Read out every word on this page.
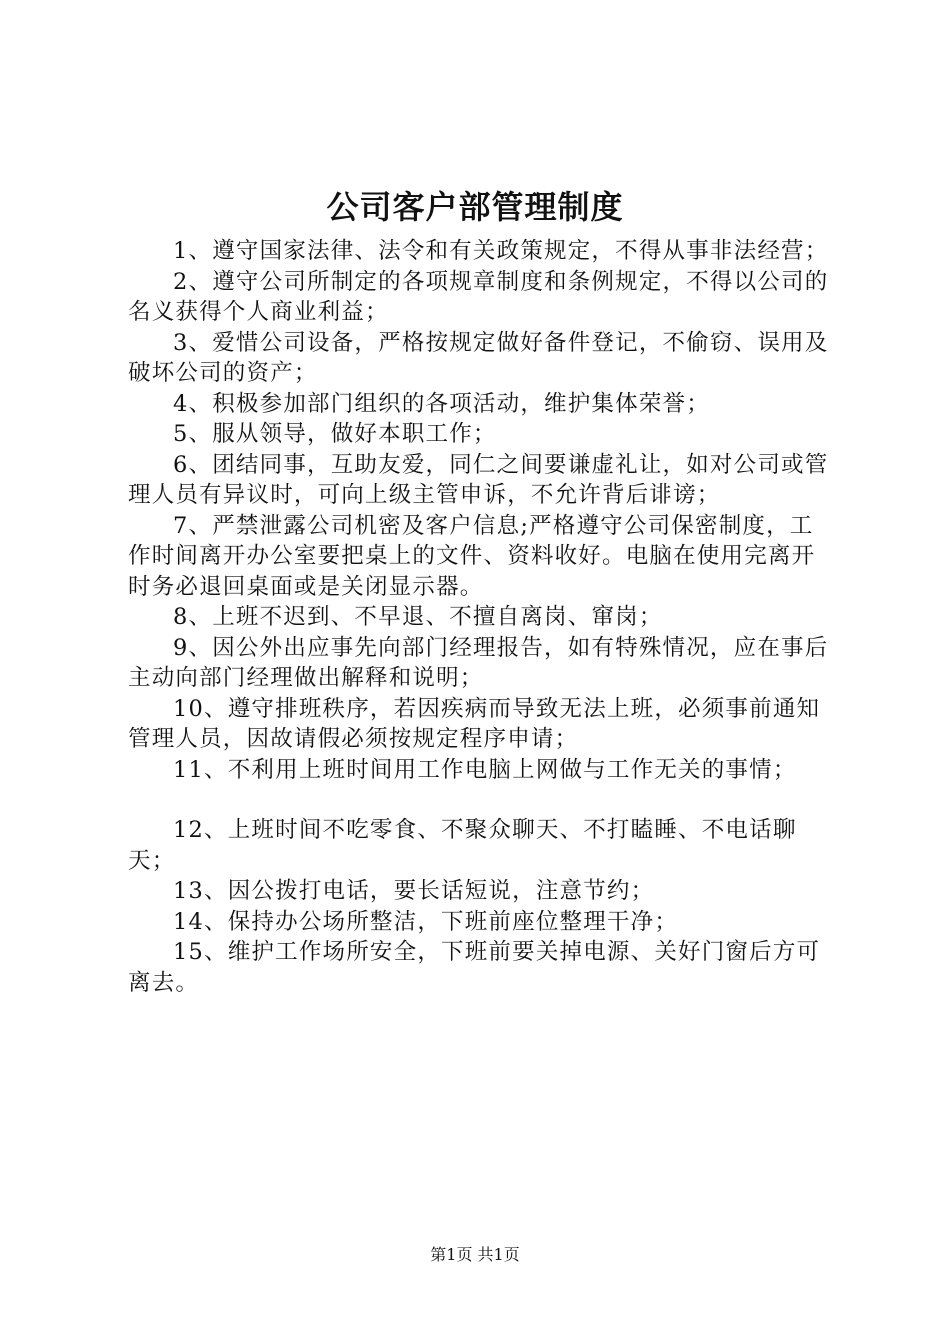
公司客户部管理制度

1、遵守国家法律、法令和有关政策规定，不得从事非法经营；

2、遵守公司所制定的各项规章制度和条例规定，不得以公司的名义获得个人商业利益；

3、爱惜公司设备，严格按规定做好备件登记，不偷窃、误用及破坏公司的资产；

4、积极参加部门组织的各项活动，维护集体荣誉；

5、服从领导，做好本职工作；

6、团结同事，互助友爱，同仁之间要谦虚礼让，如对公司或管理人员有异议时，可向上级主管申诉，不允许背后诽谤；

7、严禁泄露公司机密及客户信息;严格遵守公司保密制度，工作时间离开办公室要把桌上的文件、资料收好。电脑在使用完离开时务必退回桌面或是关闭显示器。

8、上班不迟到、不早退、不擅自离岗、窜岗；

9、因公外出应事先向部门经理报告，如有特殊情况，应在事后主动向部门经理做出解释和说明；

10、遵守排班秩序，若因疾病而导致无法上班，必须事前通知管理人员，因故请假必须按规定程序申请；

11、不利用上班时间用工作电脑上网做与工作无关的事情；

12、上班时间不吃零食、不聚众聊天、不打瞌睡、不电话聊天；

13、因公拨打电话，要长话短说，注意节约；

14、保持办公场所整洁，下班前座位整理干净；

15、维护工作场所安全，下班前要关掉电源、关好门窗后方可离去。

第1页 共1页
